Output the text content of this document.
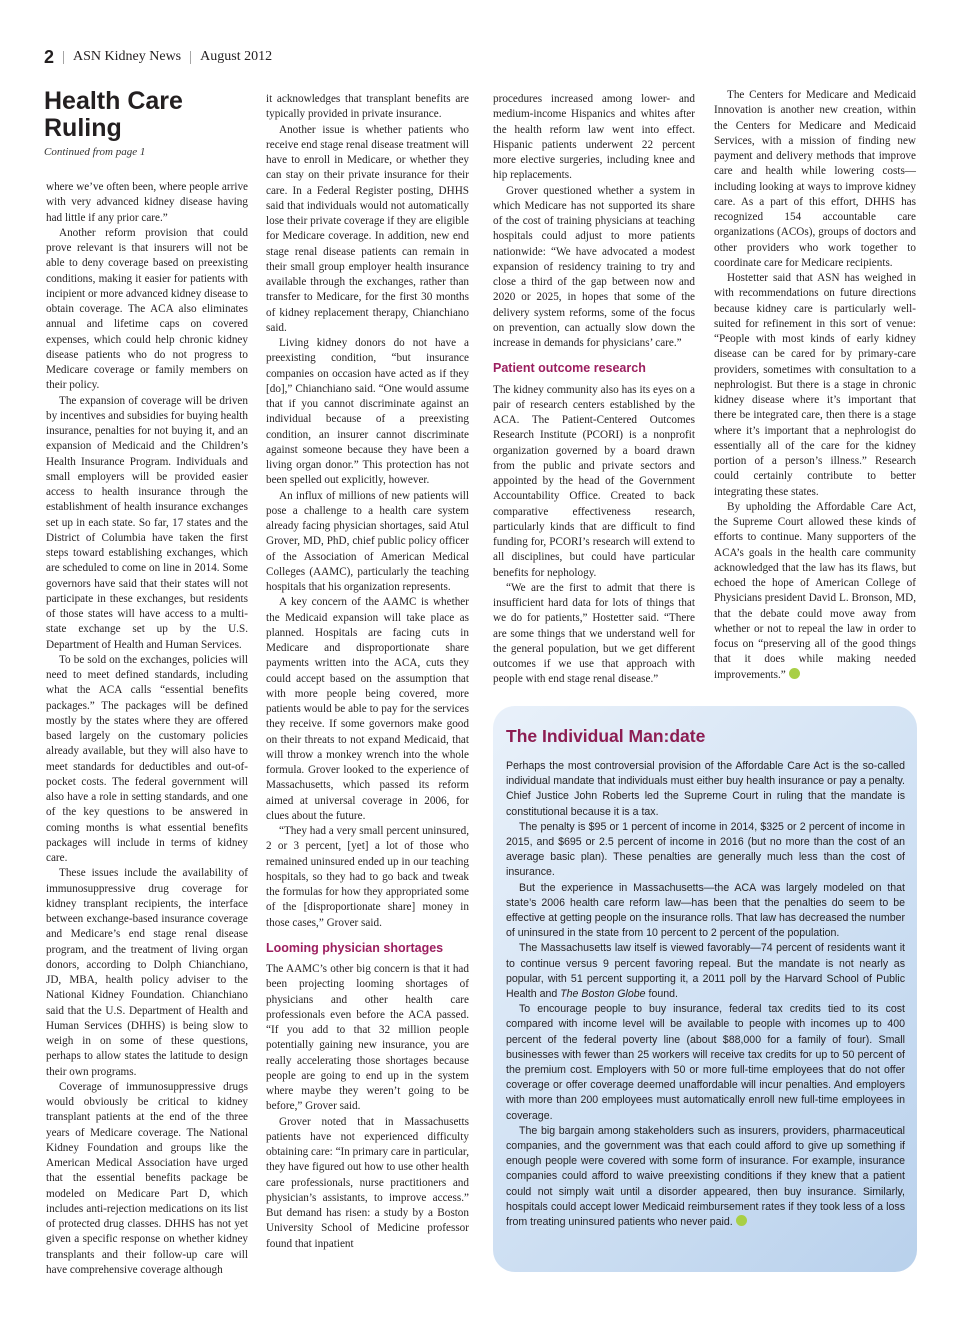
2 | ASN Kidney News | August 2012
Health Care Ruling
Continued from page 1

where we’ve often been, where people arrive with very advanced kidney disease having had little if any prior care.”

Another reform provision that could prove relevant is that insurers will not be able to deny coverage based on preexisting conditions, making it easier for patients with incipient or more advanced kidney disease to obtain coverage. The ACA also eliminates annual and lifetime caps on covered expenses, which could help chronic kidney disease patients who do not progress to Medicare coverage or family members on their policy.

The expansion of coverage will be driven by incentives and subsidies for buying health insurance, penalties for not buying it, and an expansion of Medicaid and the Children’s Health Insurance Program. Individuals and small employers will be provided easier access to health insurance through the establishment of health insurance exchanges set up in each state. So far, 17 states and the District of Columbia have taken the first steps toward establishing exchanges, which are scheduled to come on line in 2014. Some governors have said that their states will not participate in these exchanges, but residents of those states will have access to a multi-state exchange set up by the U.S. Department of Health and Human Services.

To be sold on the exchanges, policies will need to meet defined standards, including what the ACA calls “essential benefits packages.” The packages will be defined mostly by the states where they are offered based largely on the customary policies already available, but they will also have to meet standards for deductibles and out-of-pocket costs. The federal government will also have a role in setting standards, and one of the key questions to be answered in coming months is what essential benefits packages will include in terms of kidney care.

These issues include the availability of immunosuppressive drug coverage for kidney transplant recipients, the interface between exchange-based insurance coverage and Medicare’s end stage renal disease program, and the treatment of living organ donors, according to Dolph Chianchiano, JD, MBA, health policy adviser to the National Kidney Foundation. Chianchiano said that the U.S. Department of Health and Human Services (DHHS) is being slow to weigh in on some of these questions, perhaps to allow states the latitude to design their own programs.

Coverage of immunosuppressive drugs would obviously be critical to kidney transplant patients at the end of the three years of Medicare coverage. The National Kidney Foundation and groups like the American Medical Association have urged that the essential benefits package be modeled on Medicare Part D, which includes anti-rejection medications on its list of protected drug classes. DHHS has not yet given a specific response on whether kidney transplants and their follow-up care will have comprehensive coverage although

it acknowledges that transplant benefits are typically provided in private insurance.

Another issue is whether patients who receive end stage renal disease treatment will have to enroll in Medicare, or whether they can stay on their private insurance for their care. In a Federal Register posting, DHHS said that individuals would not automatically lose their private coverage if they are eligible for Medicare coverage. In addition, new end stage renal disease patients can remain in their small group employer health insurance available through the exchanges, rather than transfer to Medicare, for the first 30 months of kidney replacement therapy, Chianchiano said.

Living kidney donors do not have a preexisting condition, “but insurance companies on occasion have acted as if they [do],” Chianchiano said. “One would assume that if you cannot discriminate against an individual because of a preexisting condition, an insurer cannot discriminate against someone because they have been a living organ donor.” This protection has not been spelled out explicitly, however.

An influx of millions of new patients will pose a challenge to a health care system already facing physician shortages, said Atul Grover, MD, PhD, chief public policy officer of the Association of American Medical Colleges (AAMC), particularly the teaching hospitals that his organization represents.

A key concern of the AAMC is whether the Medicaid expansion will take place as planned. Hospitals are facing cuts in Medicare and disproportionate share payments written into the ACA, cuts they could accept based on the assumption that with more people being covered, more patients would be able to pay for the services they receive. If some governors make good on their threats to not expand Medicaid, that will throw a monkey wrench into the whole formula. Grover looked to the experience of Massachusetts, which passed its reform aimed at universal coverage in 2006, for clues about the future.

“They had a very small percent uninsured, 2 or 3 percent, [yet] a lot of those who remained uninsured ended up in our teaching hospitals, so they had to go back and tweak the formulas for how they appropriated some of the [disproportionate share] money in those cases,” Grover said.

Looming physician shortages

The AAMC’s other big concern is that it had been projecting looming shortages of physicians and other health care professionals even before the ACA passed. “If you add to that 32 million people potentially gaining new insurance, you are really accelerating those shortages because people are going to end up in the system where maybe they weren’t going to be before,” Grover said.

Grover noted that in Massachusetts patients have not experienced difficulty obtaining care: “In primary care in particular, they have figured out how to use other health care professionals, nurse practitioners and physician’s assistants, to improve access.” But demand has risen: a study by a Boston University School of Medicine professor found that inpatient

procedures increased among lower- and medium-income Hispanics and whites after the health reform law went into effect. Hispanic patients underwent 22 percent more elective surgeries, including knee and hip replacements.

Grover questioned whether a system in which Medicare has not supported its share of the cost of training physicians at teaching hospitals could adjust to more patients nationwide: “We have advocated a modest expansion of residency training to try and close a third of the gap between now and 2020 or 2025, in hopes that some of the delivery system reforms, some of the focus on prevention, can actually slow down the increase in demands for physicians’ care.”

Patient outcome research

The kidney community also has its eyes on a pair of research centers established by the ACA. The Patient-Centered Outcomes Research Institute (PCORI) is a nonprofit organization governed by a board drawn from the public and private sectors and appointed by the head of the Government Accountability Office. Created to back comparative effectiveness research, particularly kinds that are difficult to find funding for, PCORI’s research will extend to all disciplines, but could have particular benefits for nephology.

“We are the first to admit that there is insufficient hard data for lots of things that we do for patients,” Hostetter said. “There are some things that we understand well for the general population, but we get different outcomes if we use that approach with people with end stage renal disease.”

The Centers for Medicare and Medicaid Innovation is another new creation, within the Centers for Medicare and Medicaid Services, with a mission of finding new payment and delivery methods that improve care and health while lowering costs—including looking at ways to improve kidney care. As a part of this effort, DHHS has recognized 154 accountable care organizations (ACOs), groups of doctors and other providers who work together to coordinate care for Medicare recipients.

Hostetter said that ASN has weighed in with recommendations on future directions because kidney care is particularly well-suited for refinement in this sort of venue: “People with most kinds of early kidney disease can be cared for by primary-care providers, sometimes with consultation to a nephrologist. But there is a stage in chronic kidney disease where it’s important that there be integrated care, then there is a stage where it’s important that a nephrologist do essentially all of the care for the kidney portion of a person’s illness.” Research could certainly contribute to better integrating these states.

By upholding the Affordable Care Act, the Supreme Court allowed these kinds of efforts to continue. Many supporters of the ACA’s goals in the health care community acknowledged that the law has its flaws, but echoed the hope of American College of Physicians president David L. Bronson, MD, that the debate could move away from whether or not to repeal the law in order to focus on “preserving all of the good things that it does while making needed improvements.”

The Individual Man:date

Perhaps the most controversial provision of the Affordable Care Act is the so-called individual mandate that individuals must either buy health insurance or pay a penalty. Chief Justice John Roberts led the Supreme Court in ruling that the mandate is constitutional because it is a tax.

The penalty is $95 or 1 percent of income in 2014, $325 or 2 percent of income in 2015, and $695 or 2.5 percent of income in 2016 (but no more than the cost of an average basic plan). These penalties are generally much less than the cost of insurance.

But the experience in Massachusetts—the ACA was largely modeled on that state’s 2006 health care reform law—has been that the penalties do seem to be effective at getting people on the insurance rolls. That law has decreased the number of uninsured in the state from 10 percent to 2 percent of the population.

The Massachusetts law itself is viewed favorably—74 percent of residents want it to continue versus 9 percent favoring repeal. But the mandate is not nearly as popular, with 51 percent supporting it, a 2011 poll by the Harvard School of Public Health and The Boston Globe found.

To encourage people to buy insurance, federal tax credits tied to its cost compared with income level will be available to people with incomes up to 400 percent of the federal poverty line (about $88,000 for a family of four). Small businesses with fewer than 25 workers will receive tax credits for up to 50 percent of the premium cost. Employers with 50 or more full-time employees that do not offer coverage or offer coverage deemed unaffordable will incur penalties. And employers with more than 200 employees must automatically enroll new full-time employees in coverage.

The big bargain among stakeholders such as insurers, providers, pharmaceutical companies, and the government was that each could afford to give up something if enough people were covered with some form of insurance. For example, insurance companies could afford to waive preexisting conditions if they knew that a patient could not simply wait until a disorder appeared, then buy insurance. Similarly, hospitals could accept lower Medicaid reimbursement rates if they took less of a loss from treating uninsured patients who never paid.
